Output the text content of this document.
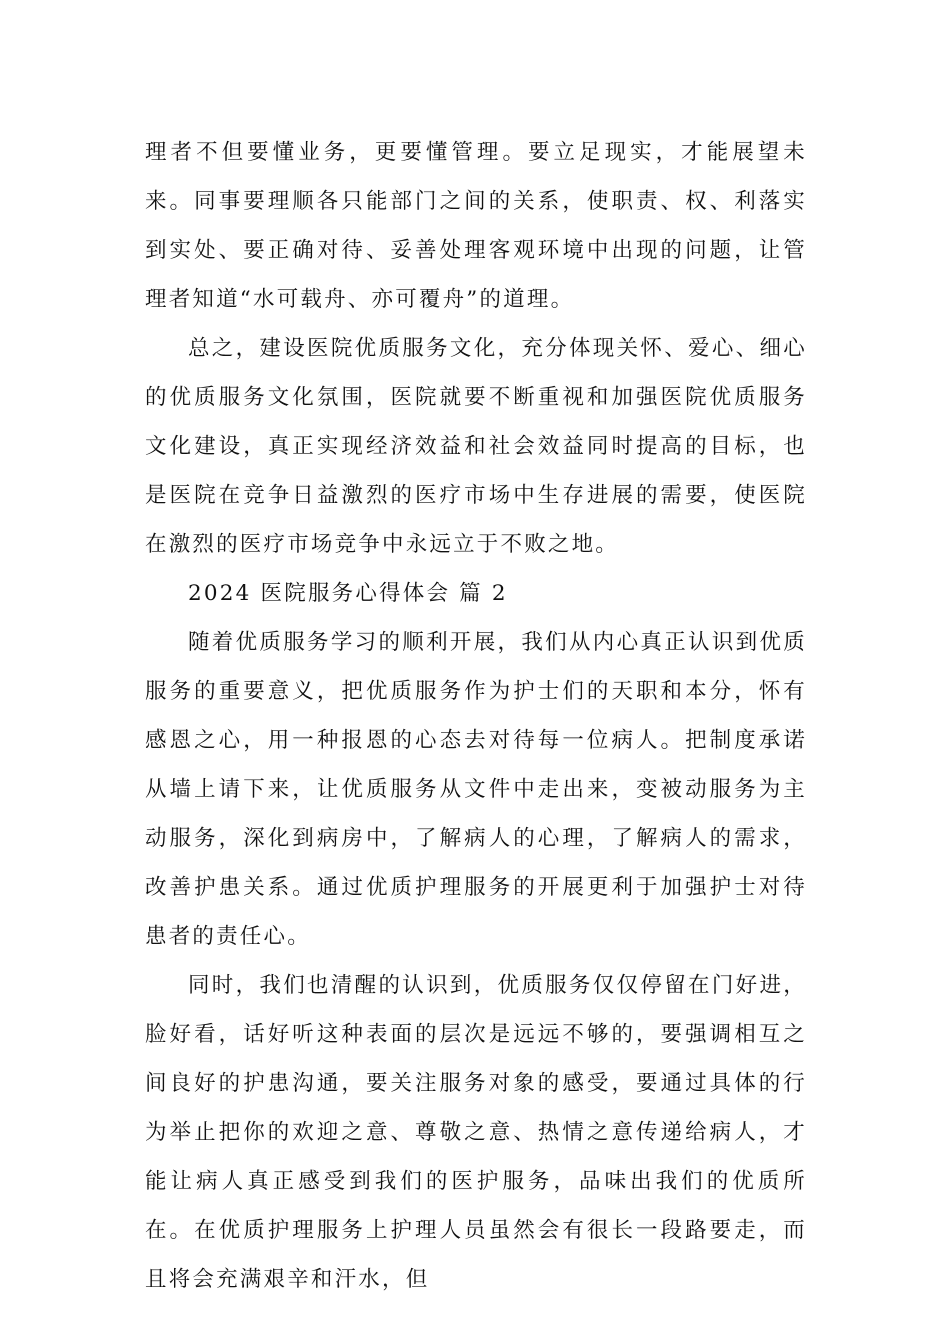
理者不但要懂业务，更要懂管理。要立足现实，才能展望未来。同事要理顺各只能部门之间的关系，使职责、权、利落实到实处、要正确对待、妥善处理客观环境中出现的问题，让管理者知道“水可载舟、亦可覆舟”的道理。

总之，建设医院优质服务文化，充分体现关怀、爱心、细心的优质服务文化氛围，医院就要不断重视和加强医院优质服务文化建设，真正实现经济效益和社会效益同时提高的目标，也是医院在竞争日益激烈的医疗市场中生存进展的需要，使医院在激烈的医疗市场竞争中永远立于不败之地。

2024 医院服务心得体会 篇 2

随着优质服务学习的顺利开展，我们从内心真正认识到优质服务的重要意义，把优质服务作为护士们的天职和本分，怀有感恩之心，用一种报恩的心态去对待每一位病人。把制度承诺从墙上请下来，让优质服务从文件中走出来，变被动服务为主动服务，深化到病房中，了解病人的心理，了解病人的需求，改善护患关系。通过优质护理服务的开展更利于加强护士对待患者的责任心。

同时，我们也清醒的认识到，优质服务仅仅停留在门好进，脸好看，话好听这种表面的层次是远远不够的，要强调相互之间良好的护患沟通，要关注服务对象的感受，要通过具体的行为举止把你的欢迎之意、尊敬之意、热情之意传递给病人，才能让病人真正感受到我们的医护服务，品味出我们的优质所在。在优质护理服务上护理人员虽然会有很长一段路要走，而且将会充满艰辛和汗水，但
